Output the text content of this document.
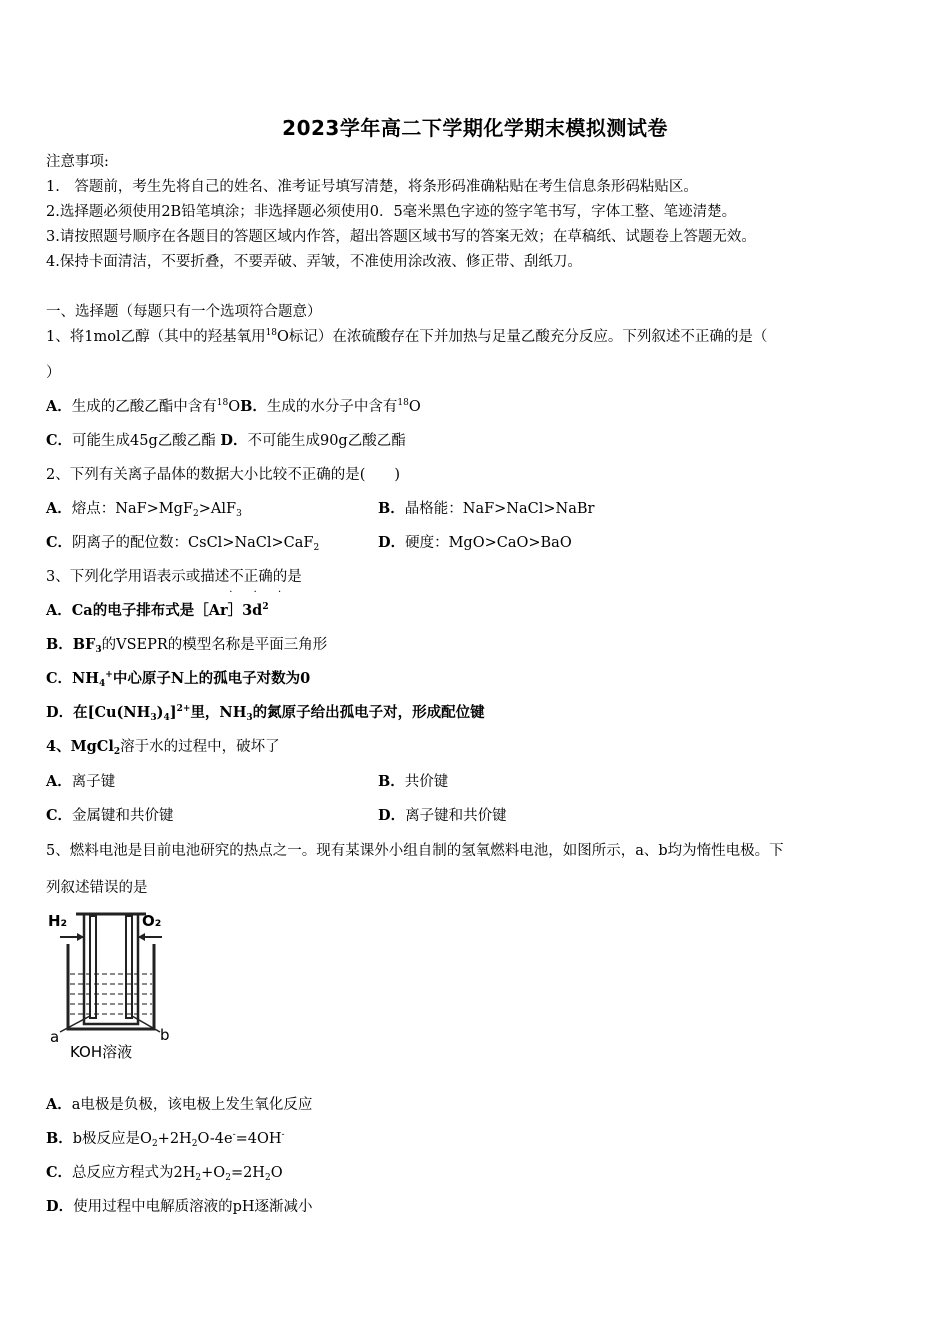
2023学年高二下学期化学期末模拟测试卷
注意事项:
1.　答题前，考生先将自己的姓名、准考证号填写清楚，将条形码准确粘贴在考生信息条形码粘贴区。
2.选择题必须使用2B铅笔填涂；非选择题必须使用0．5毫米黑色字迹的签字笔书写，字体工整、笔迹清楚。
3.请按照题号顺序在各题目的答题区域内作答，超出答题区域书写的答案无效；在草稿纸、试题卷上答题无效。
4.保持卡面清洁，不要折叠，不要弄破、弄皱，不准使用涂改液、修正带、刮纸刀。
一、选择题（每题只有一个选项符合题意）
1、将1mol乙醇（其中的羟基氧用$^{18}$O标记）在浓硫酸存在下并加热与足量乙酸充分反应。下列叙述不正确的是（
）
A．生成的乙酸乙酯中含有$^{18}$OB．生成的水分子中含有$^{18}$O
C．可能生成45g乙酸乙酯 D．不可能生成90g乙酸乙酯
2、下列有关离子晶体的数据大小比较不正确的是(　　)
A．熔点：NaF>MgF$_2$>AlF$_3$	B．晶格能：NaF>NaCl>NaBr
C．阴离子的配位数：CsCl>NaCl>CaF$_2$	D．硬度：MgO>CaO>BaO
3、下列化学用语表示或描述不正确
· · ·
的是
A．Ca的电子排布式是$[Ar]3d^2$
B．$BF_3$的VSEPR的模型名称是平面三角形
C．$NH_4^+$中心原子N上的孤电子对数为0
D．在$[Cu(NH_3)_4]^{2+}$里，$NH_3$的氮原子给出孤电子对，形成配位键
4、MgCl$_2$溶于水的过程中，破坏了
A．离子键	B．共价键
C．金属键和共价键	D．离子键和共价键
5、燃料电池是目前电池研究的热点之一。现有某课外小组自制的氢氧燃料电池，如图所示，a、b均为惰性电极。下
列叙述错误的是
H₂	O₂
a	b
KOH溶液
A．a电极是负极，该电极上发生氧化反应
B．b极反应是$O_2+2H_2O-4e^-=4OH^-$
C．总反应方程式为$2H_2+O_2=2H_2O$
D．使用过程中电解质溶液的pH逐渐减小
